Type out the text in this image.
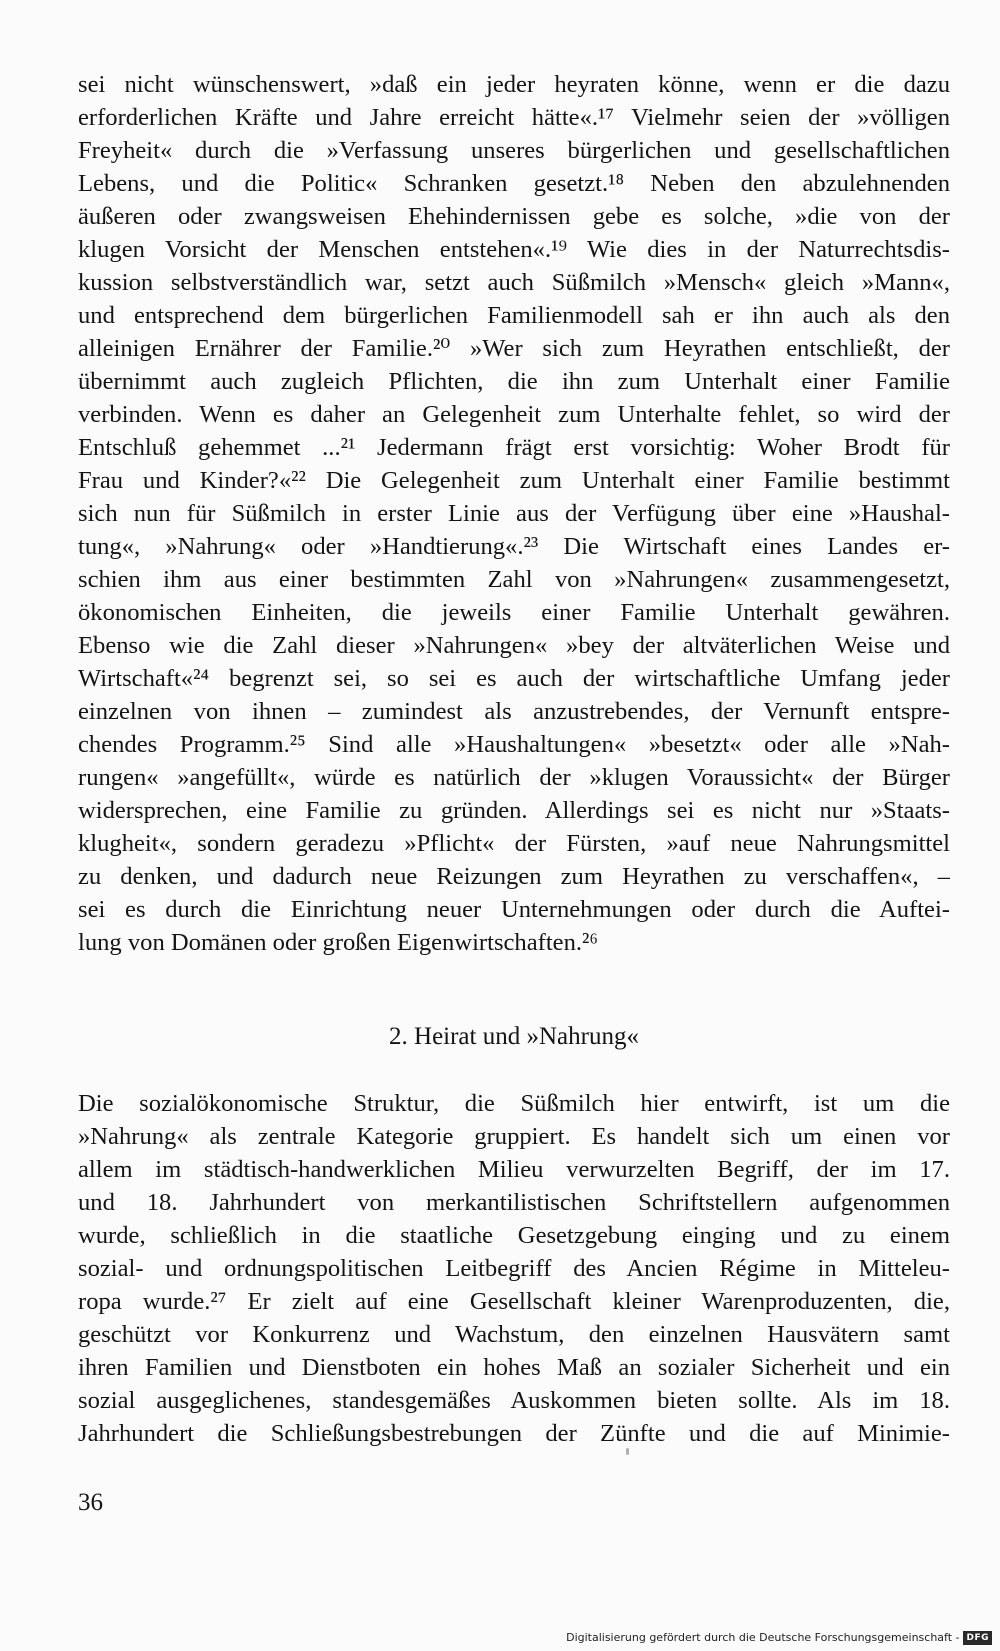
sei nicht wünschenswert, »daß ein jeder heyraten könne, wenn er die dazu
erforderlichen Kräfte und Jahre erreicht hätte«.¹⁷ Vielmehr seien der »völligen
Freyheit« durch die »Verfassung unseres bürgerlichen und gesellschaftlichen
Lebens, und die Politic« Schranken gesetzt.¹⁸ Neben den abzulehnenden
äußeren oder zwangsweisen Ehehindernissen gebe es solche, »die von der
klugen Vorsicht der Menschen entstehen«.¹⁹ Wie dies in der Naturrechtsdis-
kussion selbstverständlich war, setzt auch Süßmilch »Mensch« gleich »Mann«,
und entsprechend dem bürgerlichen Familienmodell sah er ihn auch als den
alleinigen Ernährer der Familie.²⁰ »Wer sich zum Heyrathen entschließt, der
übernimmt auch zugleich Pflichten, die ihn zum Unterhalt einer Familie
verbinden. Wenn es daher an Gelegenheit zum Unterhalte fehlet, so wird der
Entschluß gehemmet ...²¹ Jedermann frägt erst vorsichtig: Woher Brodt für
Frau und Kinder?«²² Die Gelegenheit zum Unterhalt einer Familie bestimmt
sich nun für Süßmilch in erster Linie aus der Verfügung über eine »Haushal-
tung«, »Nahrung« oder »Handtierung«.²³ Die Wirtschaft eines Landes er-
schien ihm aus einer bestimmten Zahl von »Nahrungen« zusammengesetzt,
ökonomischen Einheiten, die jeweils einer Familie Unterhalt gewähren.
Ebenso wie die Zahl dieser »Nahrungen« »bey der altväterlichen Weise und
Wirtschaft«²⁴ begrenzt sei, so sei es auch der wirtschaftliche Umfang jeder
einzelnen von ihnen – zumindest als anzustrebendes, der Vernunft entspre-
chendes Programm.²⁵ Sind alle »Haushaltungen« »besetzt« oder alle »Nah-
rungen« »angefüllt«, würde es natürlich der »klugen Voraussicht« der Bürger
widersprechen, eine Familie zu gründen. Allerdings sei es nicht nur »Staats-
klugheit«, sondern geradezu »Pflicht« der Fürsten, »auf neue Nahrungsmittel
zu denken, und dadurch neue Reizungen zum Heyrathen zu verschaffen«, –
sei es durch die Einrichtung neuer Unternehmungen oder durch die Auftei-
lung von Domänen oder großen Eigenwirtschaften.²⁶
2. Heirat und »Nahrung«
Die sozialökonomische Struktur, die Süßmilch hier entwirft, ist um die
»Nahrung« als zentrale Kategorie gruppiert. Es handelt sich um einen vor
allem im städtisch-handwerklichen Milieu verwurzelten Begriff, der im 17.
und 18. Jahrhundert von merkantilistischen Schriftstellern aufgenommen
wurde, schließlich in die staatliche Gesetzgebung einging und zu einem
sozial- und ordnungspolitischen Leitbegriff des Ancien Régime in Mitteleu-
ropa wurde.²⁷ Er zielt auf eine Gesellschaft kleiner Warenproduzenten, die,
geschützt vor Konkurrenz und Wachstum, den einzelnen Hausvätern samt
ihren Familien und Dienstboten ein hohes Maß an sozialer Sicherheit und ein
sozial ausgeglichenes, standesgemäßes Auskommen bieten sollte. Als im 18.
Jahrhundert die Schließungsbestrebungen der Zünfte und die auf Minimie-
36
Digitalisierung gefördert durch die Deutsche Forschungsgemeinschaft - DFG
